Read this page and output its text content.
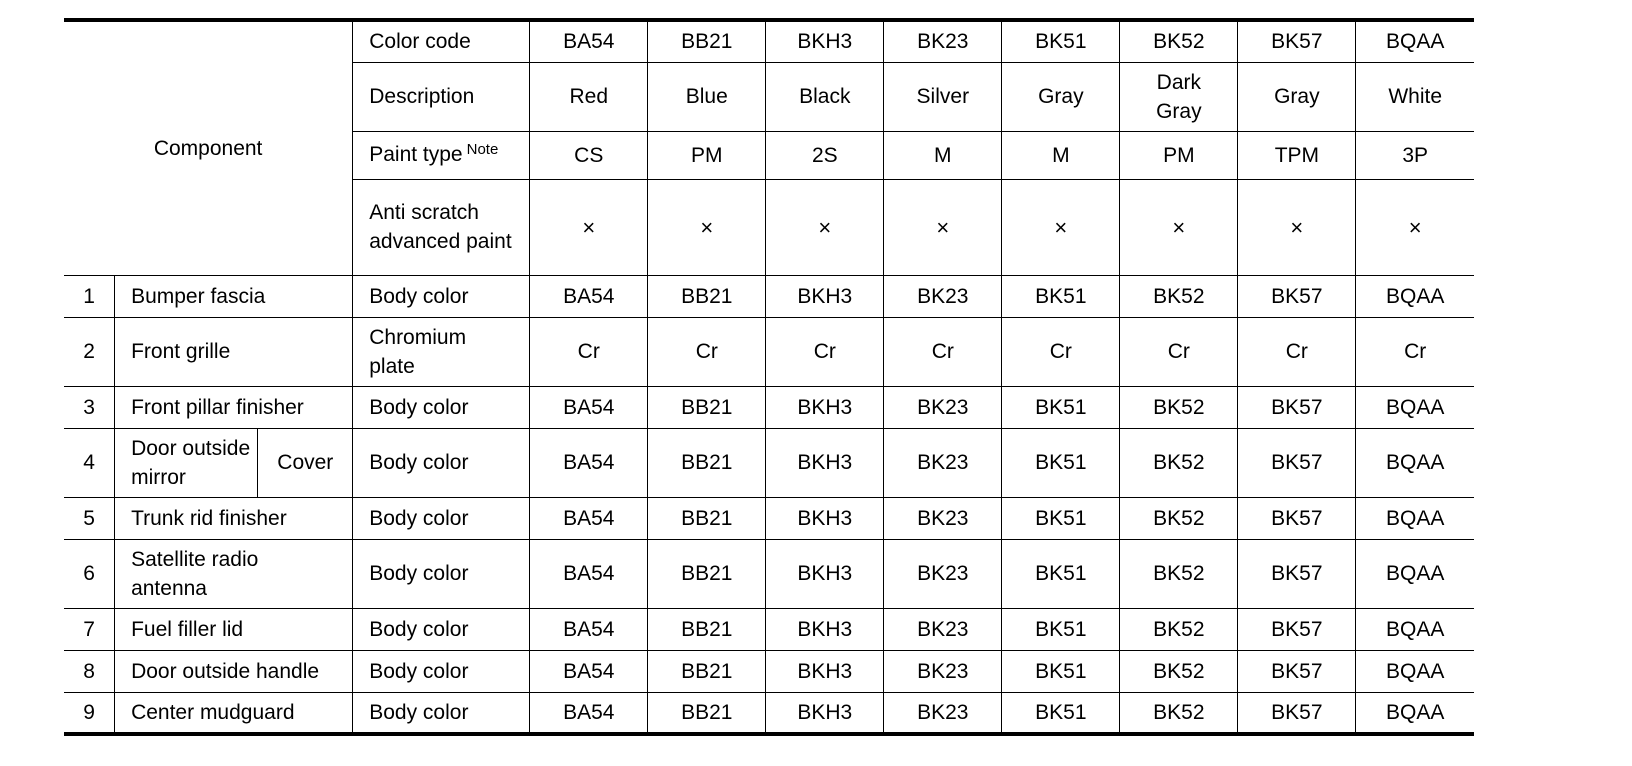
Component			Color code	BA54	BB21	BKH3	BK23	BK51	BK52	BK57	BQAA
			Description	Red	Blue	Black	Silver	Gray	Dark Gray	Gray	White
			Paint type $^{Note}$	CS	PM	2S	M	M	PM	TPM	3P
			Anti scratch advanced paint	×	×	×	×	×	×	×	×
1	Bumper fascia		Body color	BA54	BB21	BKH3	BK23	BK51	BK52	BK57	BQAA
2	Front grille		Chromium plate	Cr	Cr	Cr	Cr	Cr	Cr	Cr	Cr
3	Front pillar finisher		Body color	BA54	BB21	BKH3	BK23	BK51	BK52	BK57	BQAA
4	Door outside mirror	Cover	Body color	BA54	BB21	BKH3	BK23	BK51	BK52	BK57	BQAA
5	Trunk rid finisher		Body color	BA54	BB21	BKH3	BK23	BK51	BK52	BK57	BQAA
6	Satellite radio antenna		Body color	BA54	BB21	BKH3	BK23	BK51	BK52	BK57	BQAA
7	Fuel filler lid		Body color	BA54	BB21	BKH3	BK23	BK51	BK52	BK57	BQAA
8	Door outside handle		Body color	BA54	BB21	BKH3	BK23	BK51	BK52	BK57	BQAA
9	Center mudguard		Body color	BA54	BB21	BKH3	BK23	BK51	BK52	BK57	BQAA
